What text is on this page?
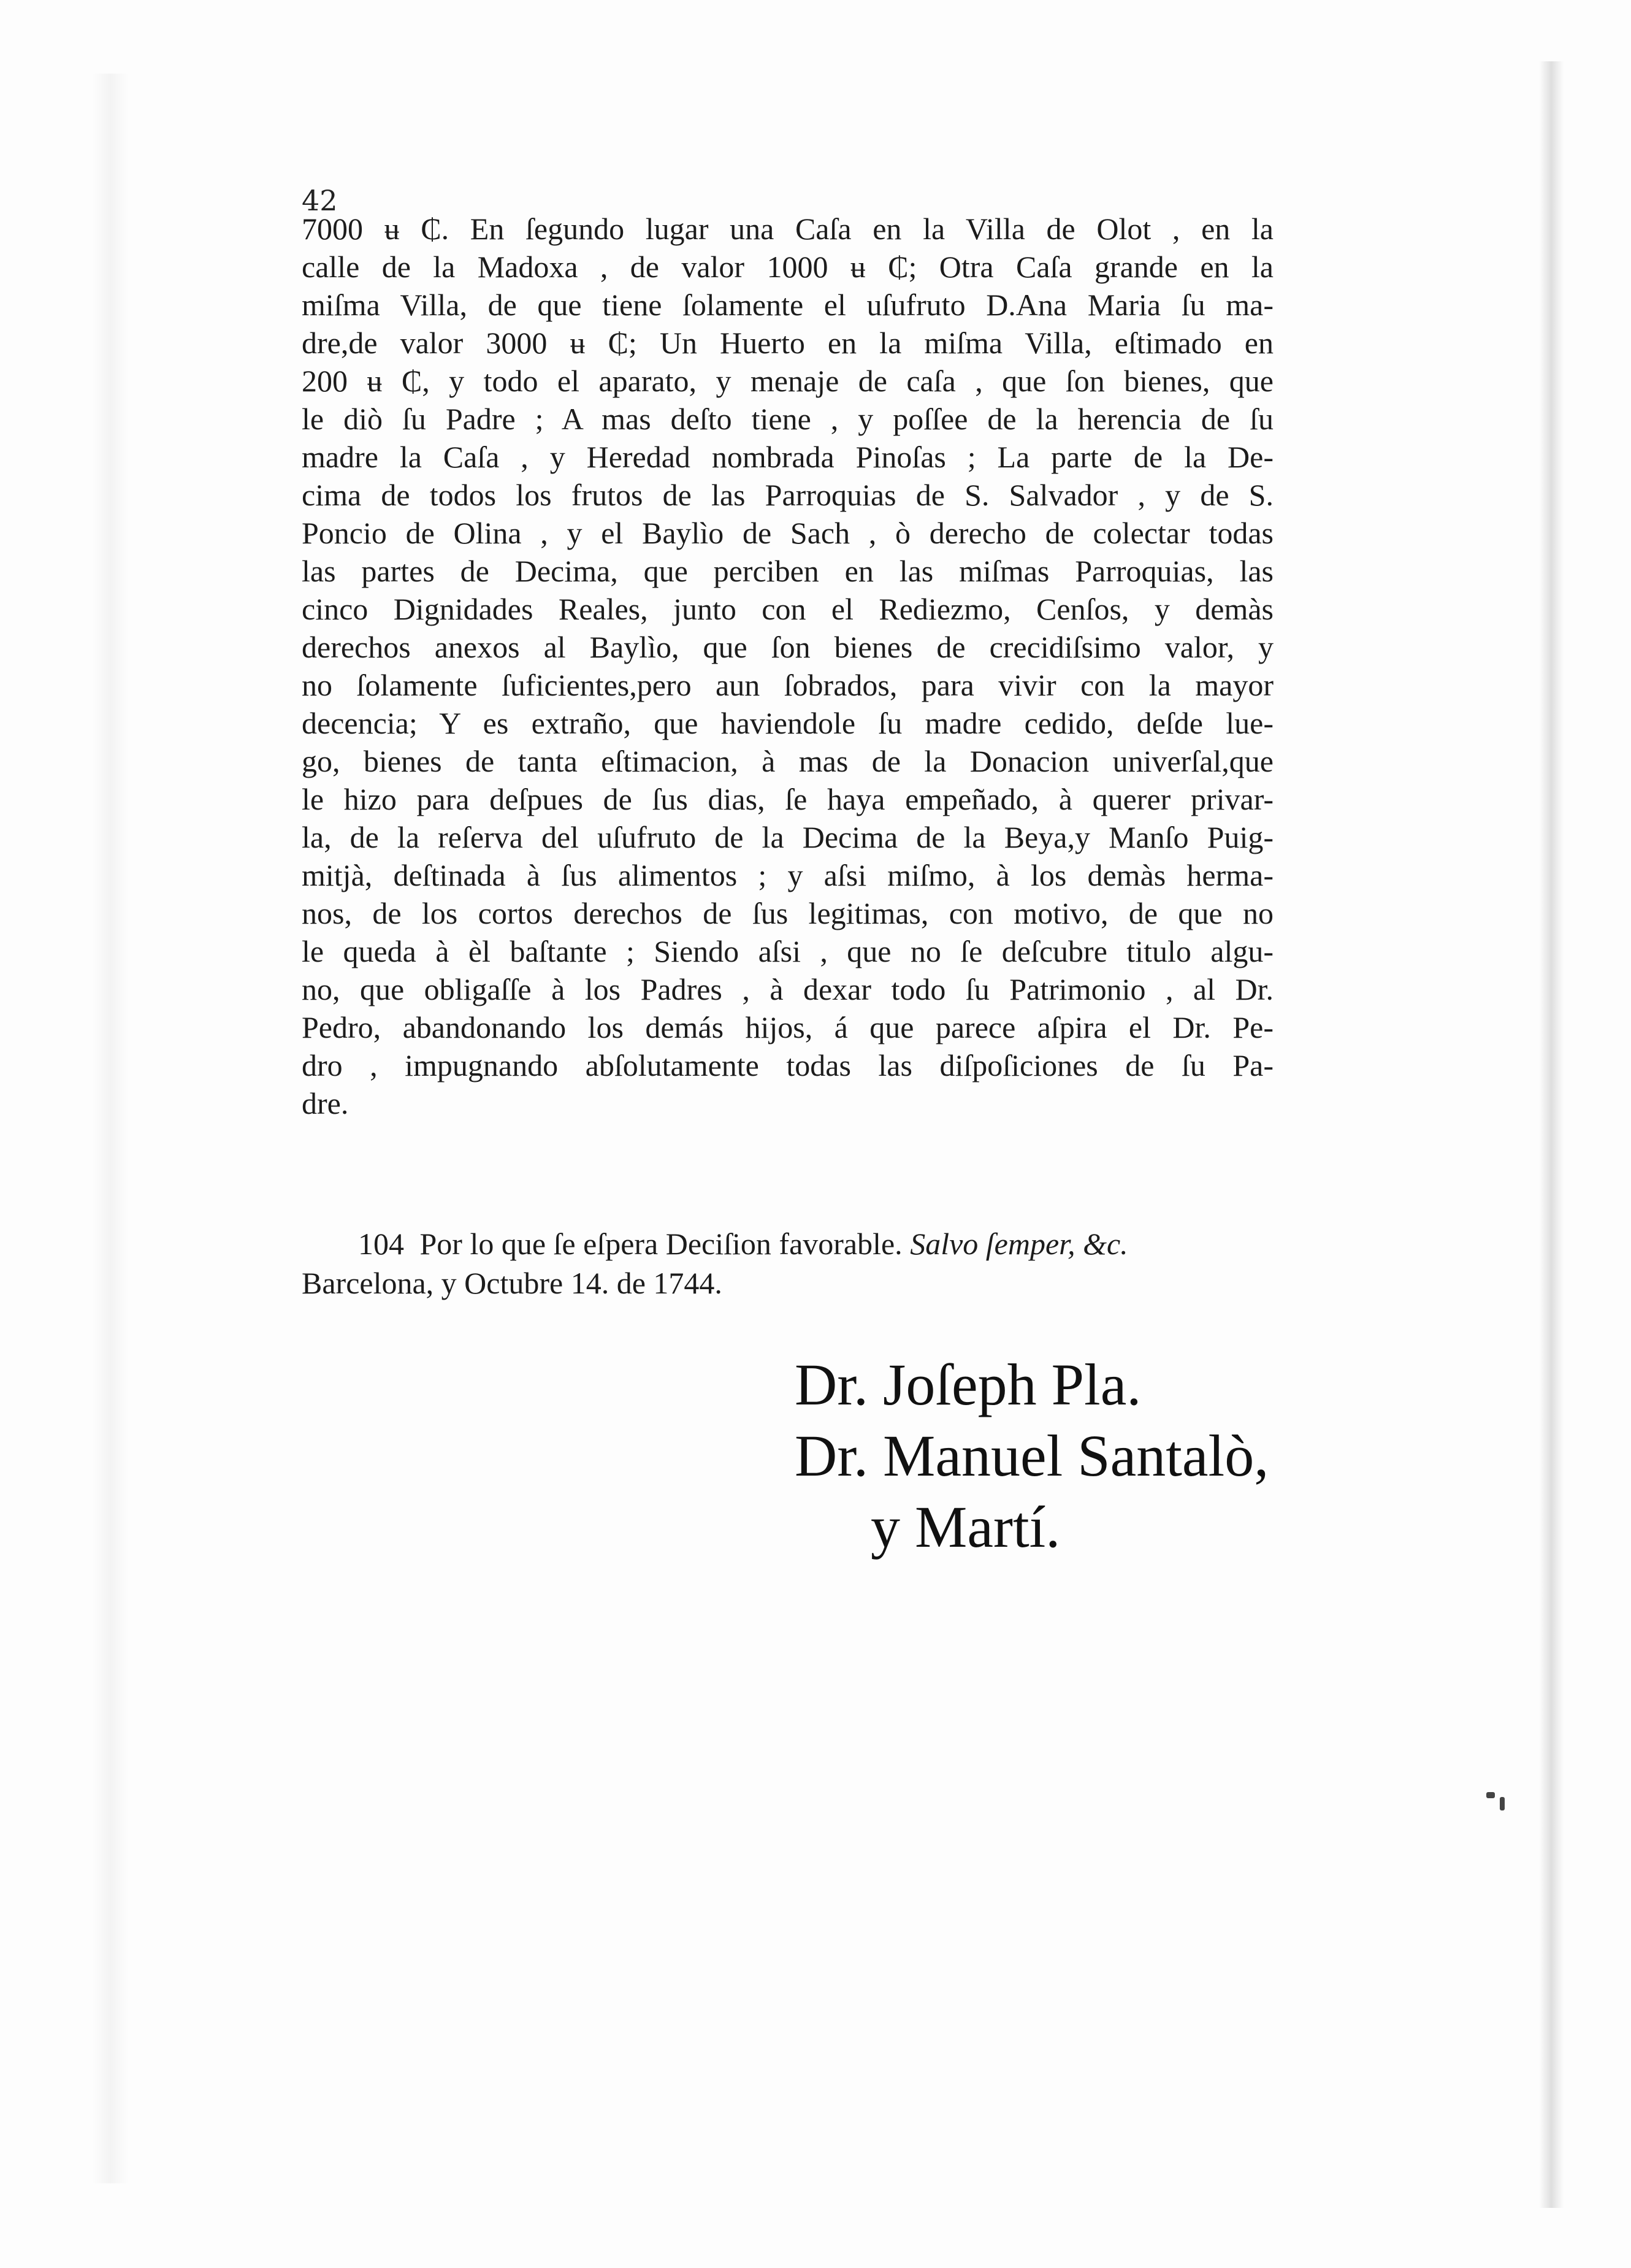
42
7000 ʉ ₵. En ſegundo lugar una Caſa en la Villa de Olot , en la
calle de la Madoxa , de valor 1000 ʉ ₵; Otra Caſa grande en la
miſma Villa, de que tiene ſolamente el uſufruto D.Ana Maria ſu ma-
dre,de valor 3000 ʉ ₵; Un Huerto en la miſma Villa, eſtimado en
200 ʉ ₵, y todo el aparato, y menaje de caſa , que ſon bienes, que
le diò ſu Padre ; A mas deſto tiene , y poſſee de la herencia de ſu
madre la Caſa , y Heredad nombrada Pinoſas ; La parte de la De-
cima de todos los frutos de las Parroquias de S. Salvador , y de S.
Poncio de Olina , y el Baylìo de Sach , ò derecho de colectar todas
las partes de Decima, que perciben en las miſmas Parroquias, las
cinco Dignidades Reales, junto con el Rediezmo, Cenſos, y demàs
derechos anexos al Baylìo, que ſon bienes de crecidiſsimo valor, y
no ſolamente ſuficientes,pero aun ſobrados, para vivir con la mayor
decencia; Y es extraño, que haviendole ſu madre cedido, deſde lue-
go, bienes de tanta eſtimacion, à mas de la Donacion univerſal,que
le hizo para deſpues de ſus dias, ſe haya empeñado, à querer privar-
la, de la reſerva del uſufruto de la Decima de la Beya,y Manſo Puig-
mitjà, deſtinada à ſus alimentos ; y aſsi miſmo, à los demàs herma-
nos, de los cortos derechos de ſus legitimas, con motivo, de que no
le queda à èl baſtante ; Siendo aſsi , que no ſe deſcubre titulo algu-
no, que obligaſſe à los Padres , à dexar todo ſu Patrimonio , al Dr.
Pedro, abandonando los demás hijos, á que parece aſpira el Dr. Pe-
dro , impugnando abſolutamente todas las diſpoſiciones de ſu Pa-
dre.
104 Por lo que ſe eſpera Deciſion favorable. Salvo ſemper, &c.
Barcelona, y Octubre 14. de 1744.
Dr. Joſeph Pla.
Dr. Manuel Santalò,
y Martí.
